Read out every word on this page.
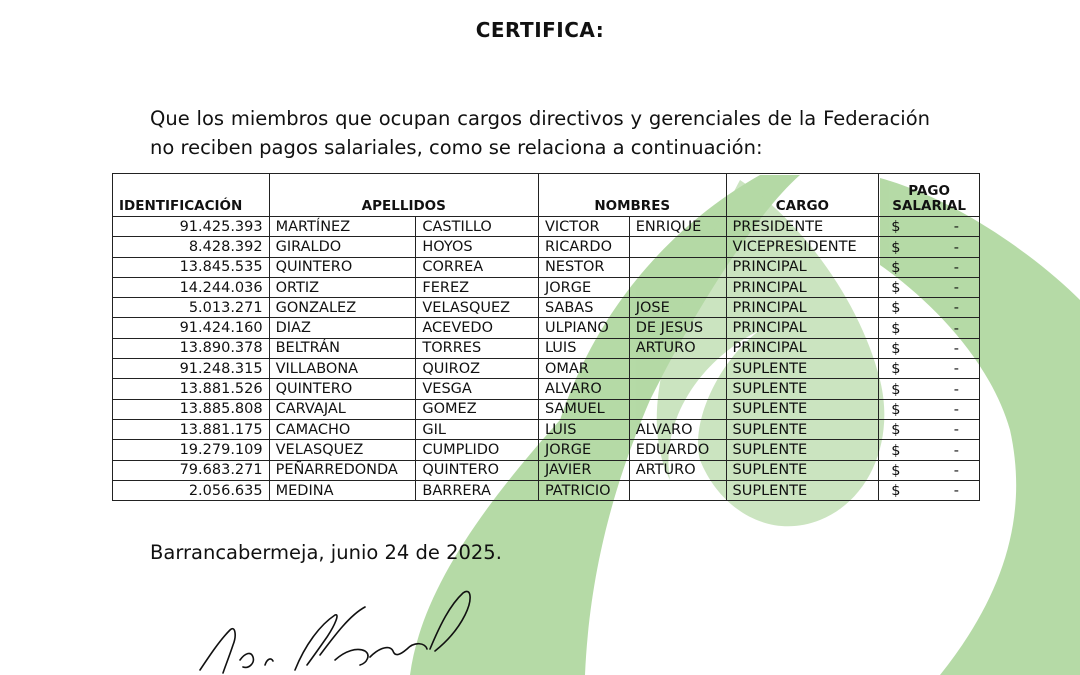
CERTIFICA:
Que los miembros que ocupan cargos directivos y gerenciales de la Federación no reciben pagos salariales, como se relaciona a continuación:
IDENTIFICACIÓN	APELLIDOS		NOMBRES		CARGO	PAGO
SALARIAL

91.425.393	MARTÍNEZ	CASTILLO	VICTOR	ENRIQUE	PRESIDENTE	$ -

8.428.392	GIRALDO	HOYOS	RICARDO		VICEPRESIDENTE	$ -

13.845.535	QUINTERO	CORREA	NESTOR		PRINCIPAL	$ -

14.244.036	ORTIZ	FEREZ	JORGE		PRINCIPAL	$ -

5.013.271	GONZALEZ	VELASQUEZ	SABAS	JOSE	PRINCIPAL	$ -

91.424.160	DIAZ	ACEVEDO	ULPIANO	DE JESUS	PRINCIPAL	$ -

13.890.378	BELTRÁN	TORRES	LUIS	ARTURO	PRINCIPAL	$ -

91.248.315	VILLABONA	QUIROZ	OMAR		SUPLENTE	$ -

13.881.526	QUINTERO	VESGA	ALVARO		SUPLENTE	$ -

13.885.808	CARVAJAL	GOMEZ	SAMUEL		SUPLENTE	$ -

13.881.175	CAMACHO	GIL	LUIS	ALVARO	SUPLENTE	$ -

19.279.109	VELASQUEZ	CUMPLIDO	JORGE	EDUARDO	SUPLENTE	$ -

79.683.271	PEÑARREDONDA	QUINTERO	JAVIER	ARTURO	SUPLENTE	$ -

2.056.635	MEDINA	BARRERA	PATRICIO		SUPLENTE	$ -
Barrancabermeja, junio 24 de 2025.
